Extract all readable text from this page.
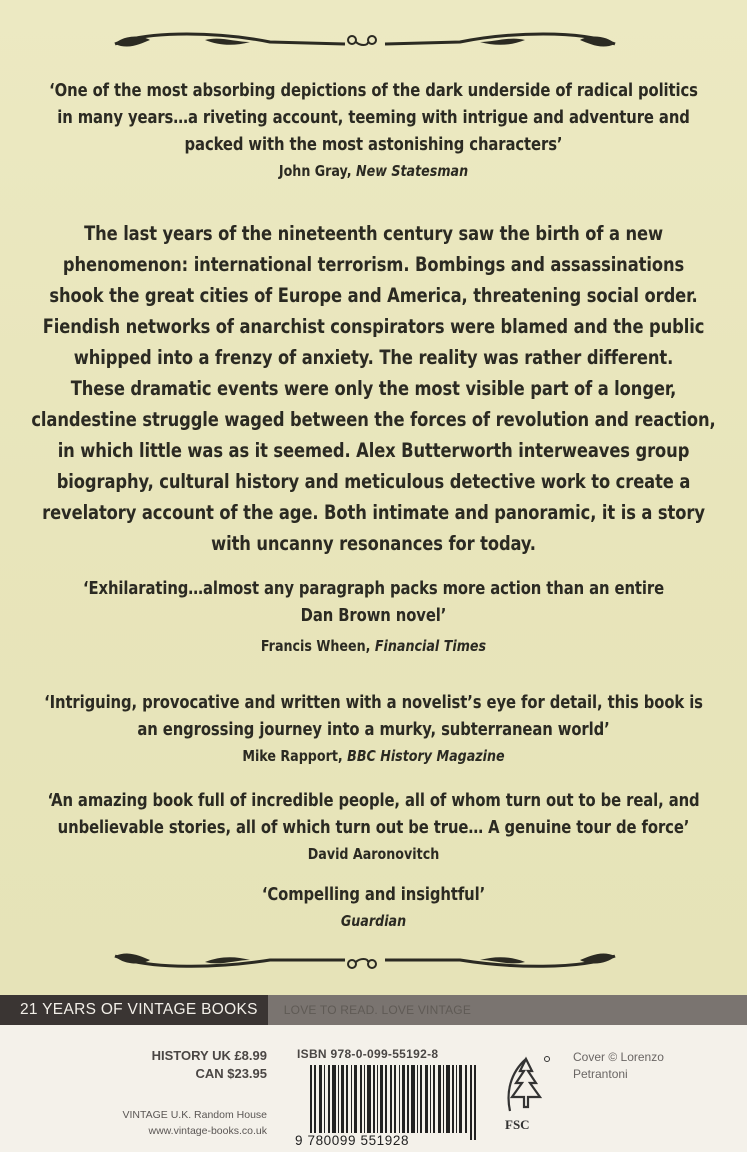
‘One of the most absorbing depictions of the dark underside of radical politics
in many years…a riveting account, teeming with intrigue and adventure and
packed with the most astonishing characters’
John Gray, New Statesman
The last years of the nineteenth century saw the birth of a new
phenomenon: international terrorism. Bombings and assassinations
shook the great cities of Europe and America, threatening social order.
Fiendish networks of anarchist conspirators were blamed and the public
whipped into a frenzy of anxiety. The reality was rather different.
These dramatic events were only the most visible part of a longer,
clandestine struggle waged between the forces of revolution and reaction,
in which little was as it seemed. Alex Butterworth interweaves group
biography, cultural history and meticulous detective work to create a
revelatory account of the age. Both intimate and panoramic, it is a story
with uncanny resonances for today.
‘Exhilarating…almost any paragraph packs more action than an entire
Dan Brown novel’
Francis Wheen, Financial Times
‘Intriguing, provocative and written with a novelist’s eye for detail, this book is
an engrossing journey into a murky, subterranean world’
Mike Rapport, BBC History Magazine
‘An amazing book full of incredible people, all of whom turn out to be real, and
unbelievable stories, all of which turn out be true… A genuine tour de force’
David Aaronovitch
‘Compelling and insightful’
Guardian
21 YEARS OF VINTAGE BOOKS	LOVE TO READ. LOVE VINTAGE
HISTORY UK £8.99
CAN $23.95
VINTAGE U.K. Random House
www.vintage-books.co.uk
ISBN 978-0-099-55192-8
9 780099 551928
FSC
Cover © Lorenzo
Petrantoni
